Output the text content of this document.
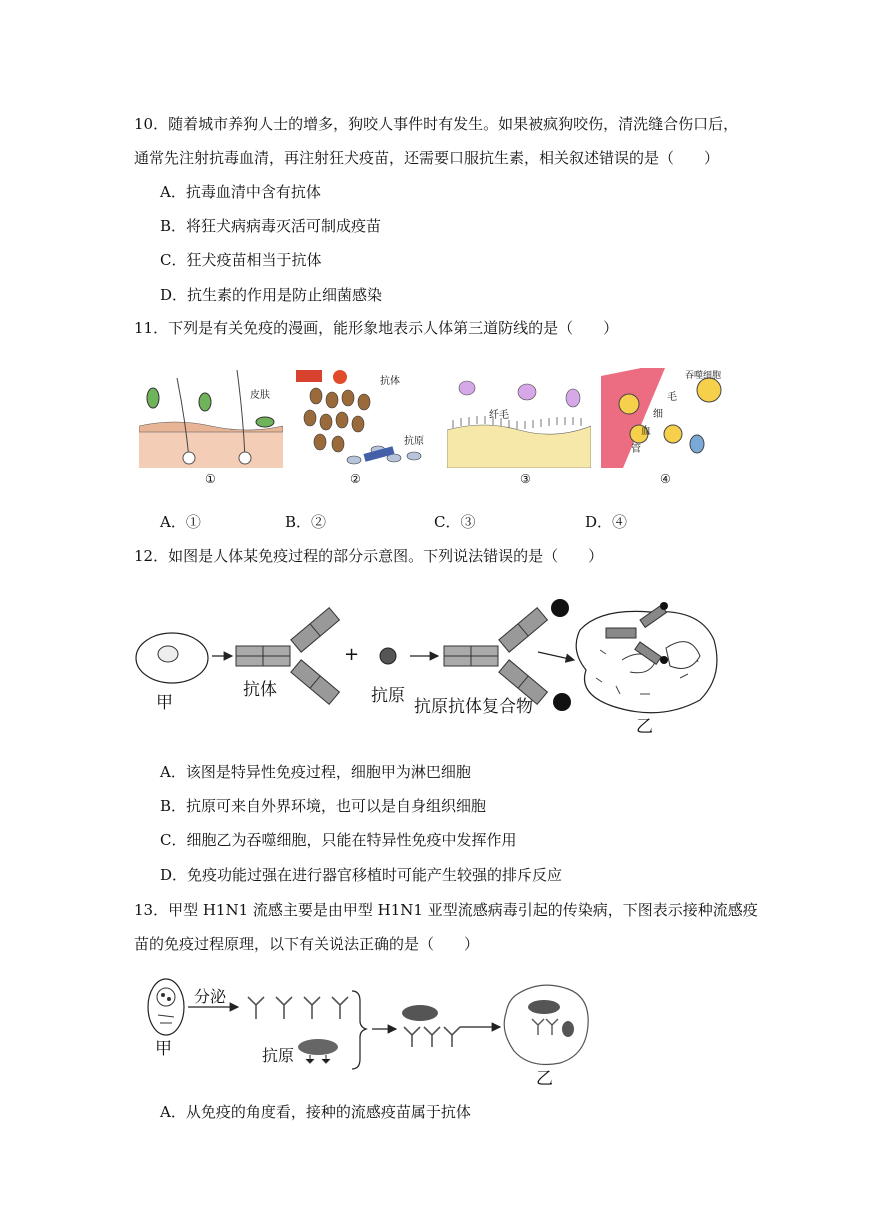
10．随着城市养狗人士的增多，狗咬人事件时有发生。如果被疯狗咬伤，清洗缝合伤口后，
通常先注射抗毒血清，再注射狂犬疫苗，还需要口服抗生素，相关叙述错误的是（　　）
A．抗毒血清中含有抗体
B．将狂犬病病毒灭活可制成疫苗
C．狂犬疫苗相当于抗体
D．抗生素的作用是防止细菌感染
11．下列是有关免疫的漫画，能形象地表示人体第三道防线的是（　　）
皮肤
①
抗体
抗原
②
纤毛
③
吞噬细胞
毛
细
血
管
④
A．①	B．②	C．③	D．④
12．如图是人体某免疫过程的部分示意图。下列说法错误的是（　　）
甲
抗体
+
抗原
抗原抗体复合物
乙
A．该图是特异性免疫过程，细胞甲为淋巴细胞
B．抗原可来自外界环境，也可以是自身组织细胞
C．细胞乙为吞噬细胞，只能在特异性免疫中发挥作用
D．免疫功能过强在进行器官移植时可能产生较强的排斥反应
13．甲型 H1N1 流感主要是由甲型 H1N1 亚型流感病毒引起的传染病，下图表示接种流感疫
苗的免疫过程原理，以下有关说法正确的是（　　）
分泌
甲	抗原
乙
A．从免疫的角度看，接种的流感疫苗属于抗体
